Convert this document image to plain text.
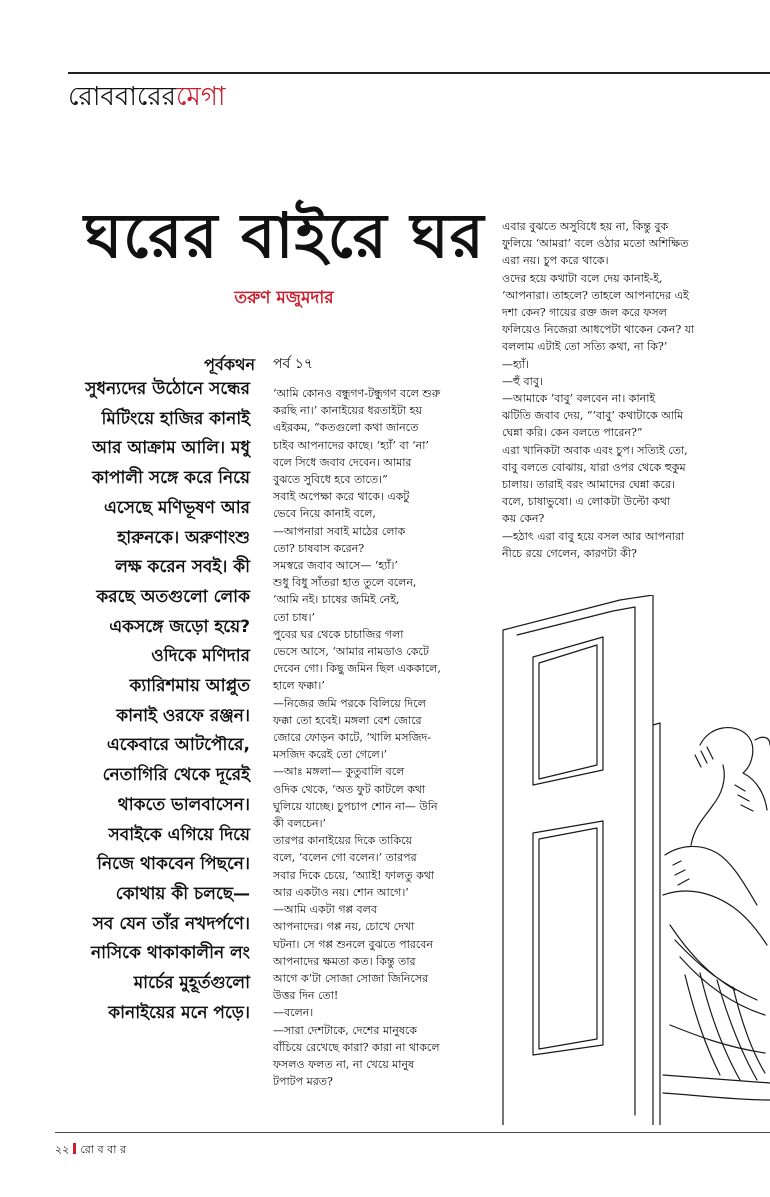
রোববারেরমেগা
ঘরের বাইরে ঘর
তরুণ মজুমদার
পূর্বকথন
সুধন্যদের উঠোনে সন্ধের
মিটিংয়ে হাজির কানাই
আর আক্রাম আলি। মধু
কাপালী সঙ্গে করে নিয়ে
এসেছে মণিভূষণ আর
হারুনকে। অরুণাংশু
লক্ষ করেন সবই। কী
করছে অতগুলো লোক
একসঙ্গে জড়ো হয়ে?
ওদিকে মণিদার
ক্যারিশমায় আপ্লুত
কানাই ওরফে রঞ্জন।
একেবারে আটপৌরে,
নেতাগিরি থেকে দূরেই
থাকতে ভালবাসেন।
সবাইকে এগিয়ে দিয়ে
নিজে থাকবেন পিছনে।
কোথায় কী চলছে—
সব যেন তাঁর নখদর্পণে।
নাসিকে থাকাকালীন লং
মার্চের মুহূর্তগুলো
কানাইয়ের মনে পড়ে।
পর্ব ১৭
‘আমি কোনও বন্ধুগণ-টন্ধুগণ বলে শুরু
করছি না।’ কানাইয়ের ধরতাইটা হয়
এইরকম, “কতগুলো কথা জানতে
চাইব আপনাদের কাছে। ‘হ্যাঁ’ বা ‘না’
বলে সিধে জবাব দেবেন। আমার
বুঝতে সুবিধে হবে তাতে।”
সবাই অপেক্ষা করে থাকে। একটু
ভেবে নিয়ে কানাই বলে,
—আপনারা সবাই মাঠের লোক
তো? চাষবাস করেন?
সমস্বরে জবাব আসে— ‘হ্যাঁ।’
শুধু বিধু সাঁতরা হাত তুলে বলেন,
‘আমি নই। চাষের জমিই নেই,
তো চাষ।’
পুবের ঘর থেকে চাচাজির গলা
ভেসে আসে, ‘আমার নামডাও কেটে
দেবেন গো। কিছু জমিন ছিল এককালে,
হালে ফক্কা।’
—নিজের জমি পরকে বিলিয়ে দিলে
ফক্কা তো হবেই। মঙ্গলা বেশ জোরে
জোরে ফোড়ন কাটে, ‘খালি মসজিদ-
মসজিদ করেই তো গেলে।’
—আঃ মঙ্গলা— কুতুবালি বলে
ওদিক থেকে, ‘অত ফুট কাটলে কথা
ঘুলিয়ে যাচ্ছে। চুপচাপ শোন না— উনি
কী বলচেন।’
তারপর কানাইয়ের দিকে তাকিয়ে
বলে, ‘বলেন গো বলেন।’ তারপর
সবার দিকে চেয়ে, ‘অ্যাই! ফালতু কথা
আর একটাও নয়। শোন আগে।’
—আমি একটা গপ্প বলব
আপনাদের। গপ্প নয়, চোখে দেখা
ঘটনা। সে গপ্প শুনলে বুঝতে পারবেন
আপনাদের ক্ষমতা কত। কিন্তু তার
আগে ক’টা সোজা সোজা জিনিসের
উত্তর দিন তো!
—বলেন।
—সারা দেশটাকে, দেশের মানুষকে
বাঁচিয়ে রেখেছে কারা? কারা না থাকলে
ফসলও ফলত না, না খেয়ে মানুষ
টপাটপ মরত?
এবার বুঝতে অসুবিধে হয় না, কিন্তু বুক
ফুলিয়ে ‘আমরা’ বলে ওঠার মতো অশিক্ষিত
এরা নয়। চুপ করে থাকে।
ওদের হয়ে কথাটা বলে দেয় কানাই-ই,
‘আপনারা। তাহলে? তাহলে আপনাদের এই
দশা কেন? গায়ের রক্ত জল করে ফসল
ফলিয়েও নিজেরা আধপেটা থাকেন কেন? যা
বললাম এটাই তো সত্যি কথা, না কি?’
—হ্যাঁ।
—হুঁ বাবু।
—আমাকে ‘বাবু’ বলবেন না। কানাই
ঝটিতি জবাব দেয়, “‘বাবু’ কথাটাকে আমি
ঘেন্না করি। কেন বলতে পারেন?”
এরা খানিকটা অবাক এবং চুপ। সত্যিই তো,
বাবু বলতে বোঝায়, যারা ওপর থেকে হুকুম
চালায়। তারাই বরং আমাদের ঘেন্না করে।
বলে, চাষাভুষো। এ লোকটা উল্টো কথা
কয় কেন?
—হঠাৎ এরা বাবু হয়ে বসল আর আপনারা
নীচে রয়ে গেলেন, কারণটা কী?
২২ রো ব বা র
